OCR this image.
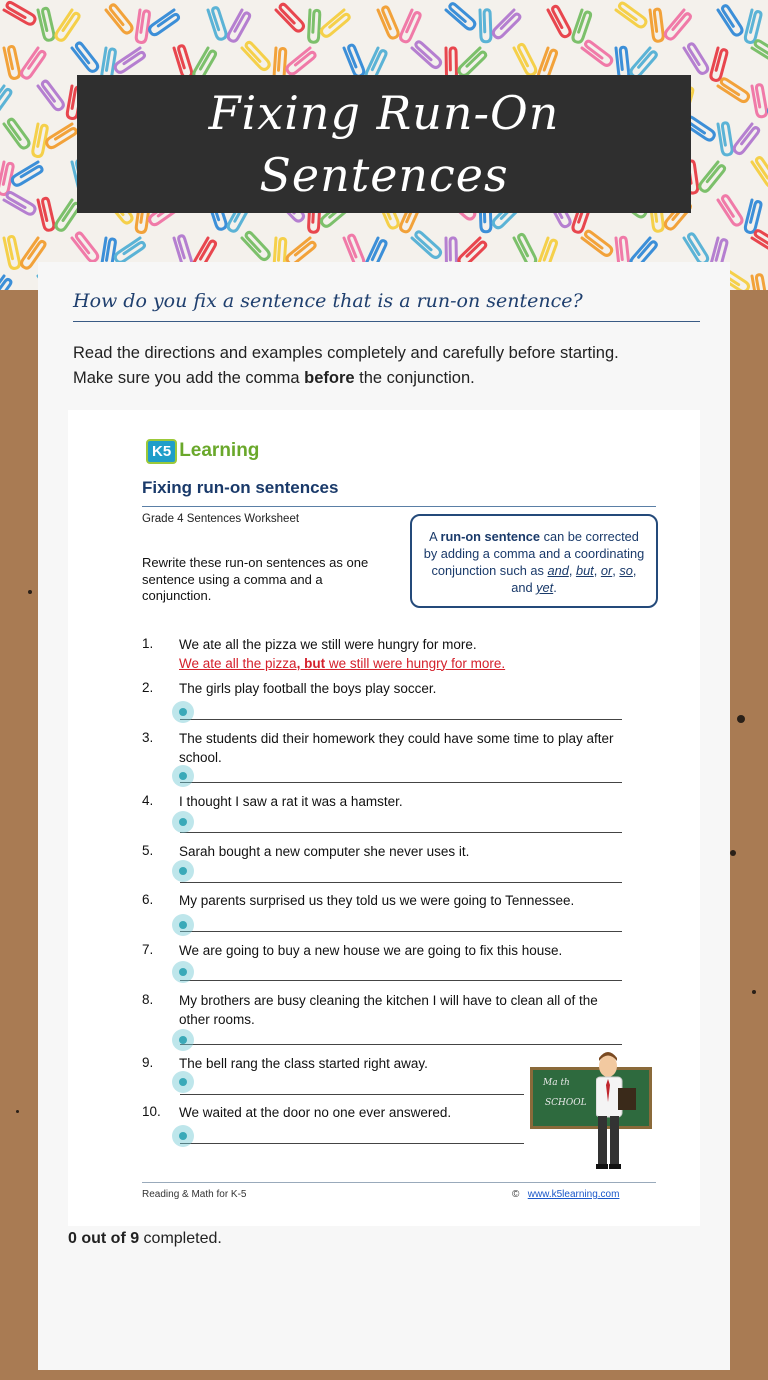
Fixing Run-On Sentences
How do you fix a sentence that is a run-on sentence?
Read the directions and examples completely and carefully before starting.
Make sure you add the comma before the conjunction.
K5 Learning
Fixing run-on sentences
Grade 4 Sentences Worksheet
Rewrite these run-on sentences as one sentence using a comma and a conjunction.
A run-on sentence can be corrected by adding a comma and a coordinating conjunction such as and, but, or, so, and yet.
1.	We ate all the pizza we still were hungry for more.
We ate all the pizza, but we still were hungry for more.
2.	The girls play football the boys play soccer.
3.	The students did their homework they could have some time to play after school.
4.	I thought I saw a rat it was a hamster.
5.	Sarah bought a new computer she never uses it.
6.	My parents surprised us they told us we were going to Tennessee.
7.	We are going to buy a new house we are going to fix this house.
8.	My brothers are busy cleaning the kitchen I will have to clean all of the other rooms.
9.	The bell rang the class started right away.
10.	We waited at the door no one ever answered.
Ma th
SCHOOL
Reading & Math for K-5	© www.k5learning.com
0 out of 9 completed.
